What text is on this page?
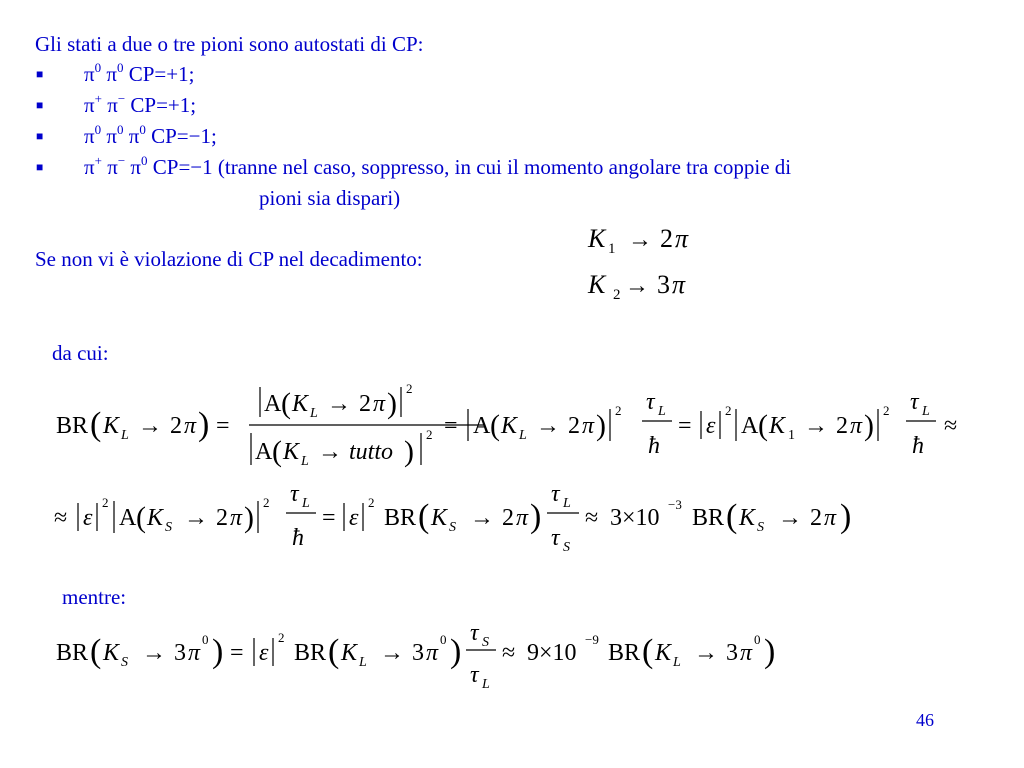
Gli stati a due o tre pioni sono autostati di CP:
■ $\pi^0$ $\pi^0$ CP=+1;
■ π+ π− CP=+1;
■ $\pi^0$ $\pi^0$ $\pi^0$ CP=−1;
■ π+ π− $\pi^0$ CP=−1 (tranne nel caso, soppresso, in cui il momento angolare tra coppie di
pioni sia dispari)
Se non vi è violazione di CP nel decadimento:
K 1 → 2 π
K 2 → 3 π
da cui:
BR ( K L → 2 π ) =
A ( K L → 2 π ) 2
A ( K L → tutto )
2 = A ( K L → 2 π ) 2 τ L
ħ
= ε
2
A ( K 1 → 2 π ) 2 τ L
ħ
≈
≈ ε
2
A ( K S → 2 π ) 2 τ L
ħ
= ε
2
BR ( K S → 2 π )
τ L
τ S
≈ 3×10
−3
BR ( K S → 2 π )
mentre:
BR ( K S → 3 π
0 ) = ε
2
BR ( K L → 3 π
0 ) τ S
τ L
≈ 9×10
−9
BR ( K L → 3 π
0 )
46
